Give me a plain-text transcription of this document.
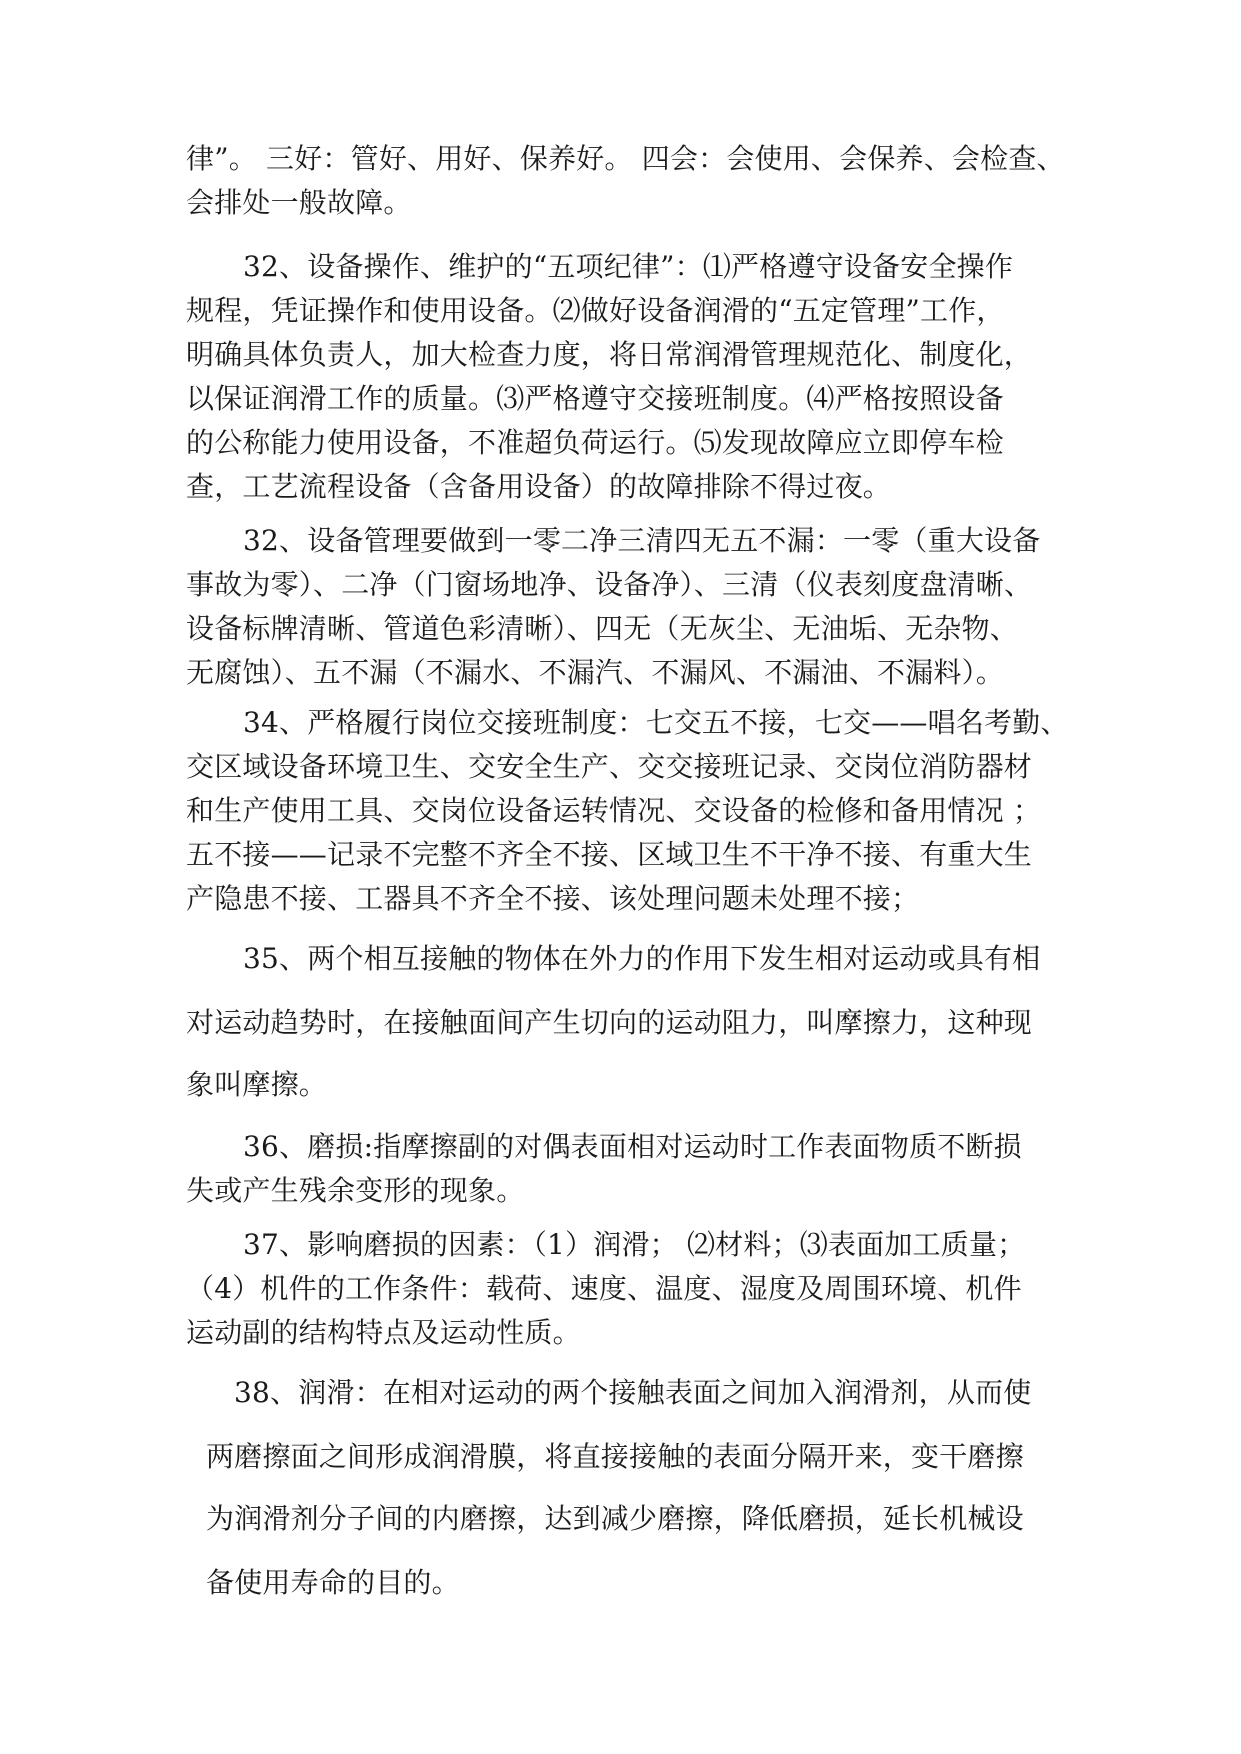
律”。 三好：管好、用好、保养好。 四会：会使用、会保养、会检查、
会排处一般故障。
32、设备操作、维护的“五项纪律”：⑴严格遵守设备安全操作
规程，凭证操作和使用设备。⑵做好设备润滑的“五定管理”工作，
明确具体负责人，加大检查力度，将日常润滑管理规范化、制度化，
以保证润滑工作的质量。⑶严格遵守交接班制度。⑷严格按照设备
的公称能力使用设备，不准超负荷运行。⑸发现故障应立即停车检
查，工艺流程设备（含备用设备）的故障排除不得过夜。
32、设备管理要做到一零二净三清四无五不漏：一零（重大设备
事故为零）、二净（门窗场地净、设备净）、三清（仪表刻度盘清晰、
设备标牌清晰、管道色彩清晰）、四无（无灰尘、无油垢、无杂物、
无腐蚀）、五不漏（不漏水、不漏汽、不漏风、不漏油、不漏料）。
34、严格履行岗位交接班制度：七交五不接，七交——唱名考勤、
交区域设备环境卫生、交安全生产、交交接班记录、交岗位消防器材
和生产使用工具、交岗位设备运转情况、交设备的检修和备用情况 ；
五不接——记录不完整不齐全不接、区域卫生不干净不接、有重大生
产隐患不接、工器具不齐全不接、该处理问题未处理不接；
35、两个相互接触的物体在外力的作用下发生相对运动或具有相
对运动趋势时，在接触面间产生切向的运动阻力，叫摩擦力，这种现
象叫摩擦。
36、磨损:指摩擦副的对偶表面相对运动时工作表面物质不断损
失或产生残余变形的现象。
37、影响磨损的因素：（1）润滑； ⑵材料；⑶表面加工质量；
（4）机件的工作条件：载荷、速度、温度、湿度及周围环境、机件
运动副的结构特点及运动性质。
38、润滑：在相对运动的两个接触表面之间加入润滑剂，从而使
两磨擦面之间形成润滑膜，将直接接触的表面分隔开来，变干磨擦
为润滑剂分子间的内磨擦，达到减少磨擦，降低磨损，延长机械设
备使用寿命的目的。
